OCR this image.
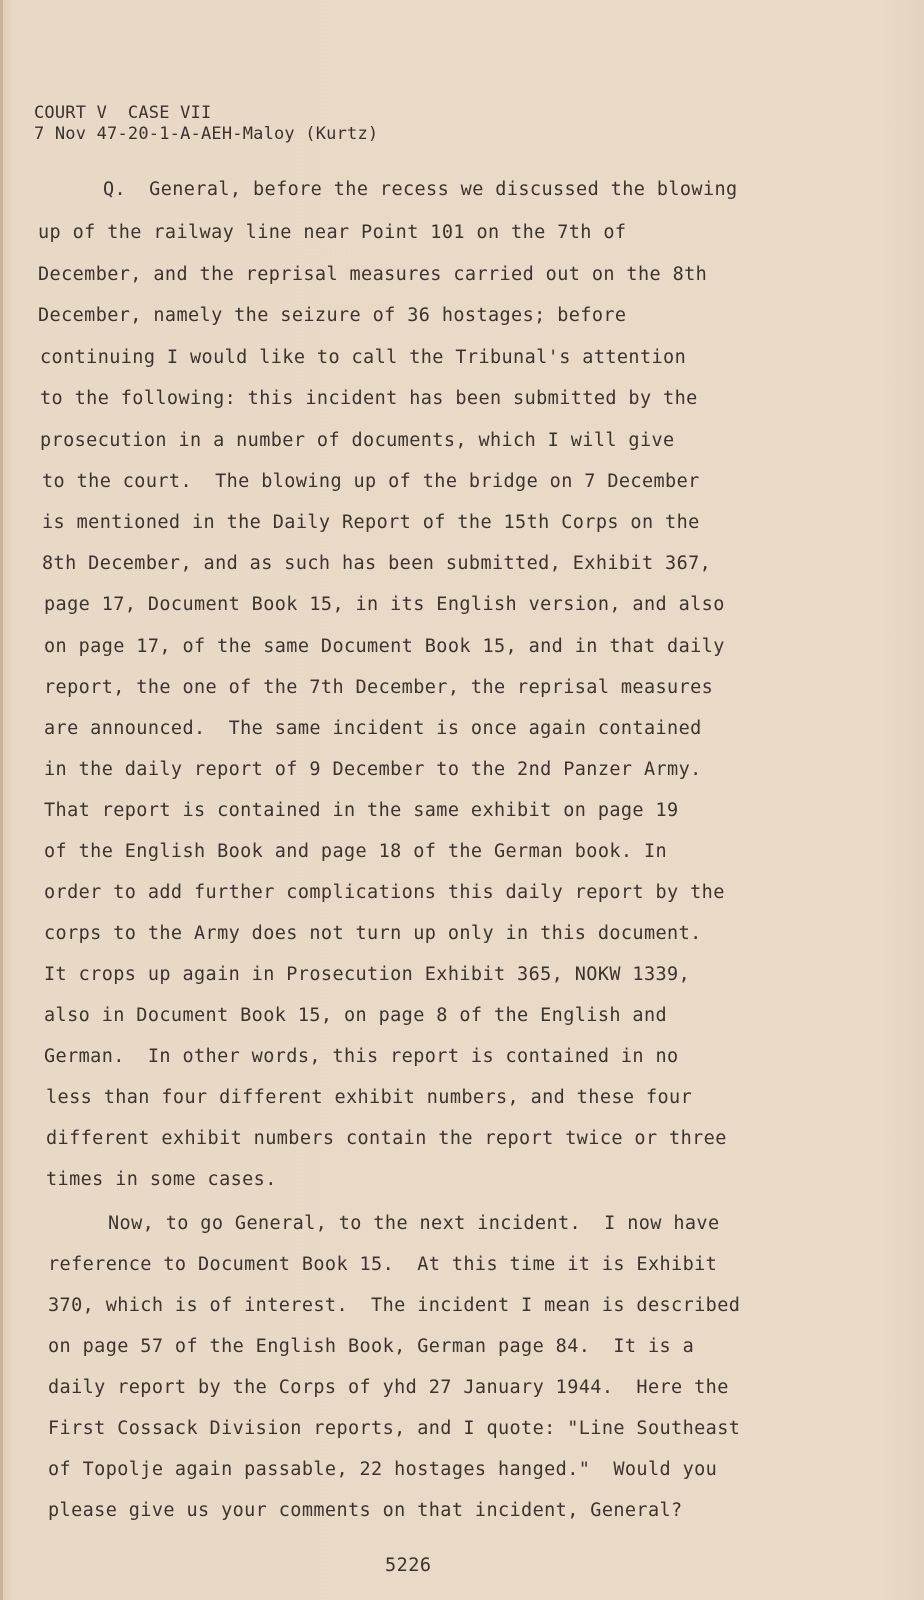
COURT V  CASE VII
7 Nov 47-20-1-A-AEH-Maloy (Kurtz)
Q.  General, before the recess we discussed the blowing
up of the railway line near Point 101 on the 7th of
December, and the reprisal measures carried out on the 8th
December, namely the seizure of 36 hostages; before
continuing I would like to call the Tribunal's attention
to the following: this incident has been submitted by the
prosecution in a number of documents, which I will give
to the court.  The blowing up of the bridge on 7 December
is mentioned in the Daily Report of the 15th Corps on the
8th December, and as such has been submitted, Exhibit 367,
page 17, Document Book 15, in its English version, and also
on page 17, of the same Document Book 15, and in that daily
report, the one of the 7th December, the reprisal measures
are announced.  The same incident is once again contained
in the daily report of 9 December to the 2nd Panzer Army.
That report is contained in the same exhibit on page 19
of the English Book and page 18 of the German book. In
order to add further complications this daily report by the
corps to the Army does not turn up only in this document.
It crops up again in Prosecution Exhibit 365, NOKW 1339,
also in Document Book 15, on page 8 of the English and
German.  In other words, this report is contained in no
less than four different exhibit numbers, and these four
different exhibit numbers contain the report twice or three
times in some cases.
Now, to go General, to the next incident.  I now have
reference to Document Book 15.  At this time it is Exhibit
370, which is of interest.  The incident I mean is described
on page 57 of the English Book, German page 84.  It is a
daily report by the Corps of yhd 27 January 1944.  Here the
First Cossack Division reports, and I quote: "Line Southeast
of Topolje again passable, 22 hostages hanged."  Would you
please give us your comments on that incident, General?
5226
